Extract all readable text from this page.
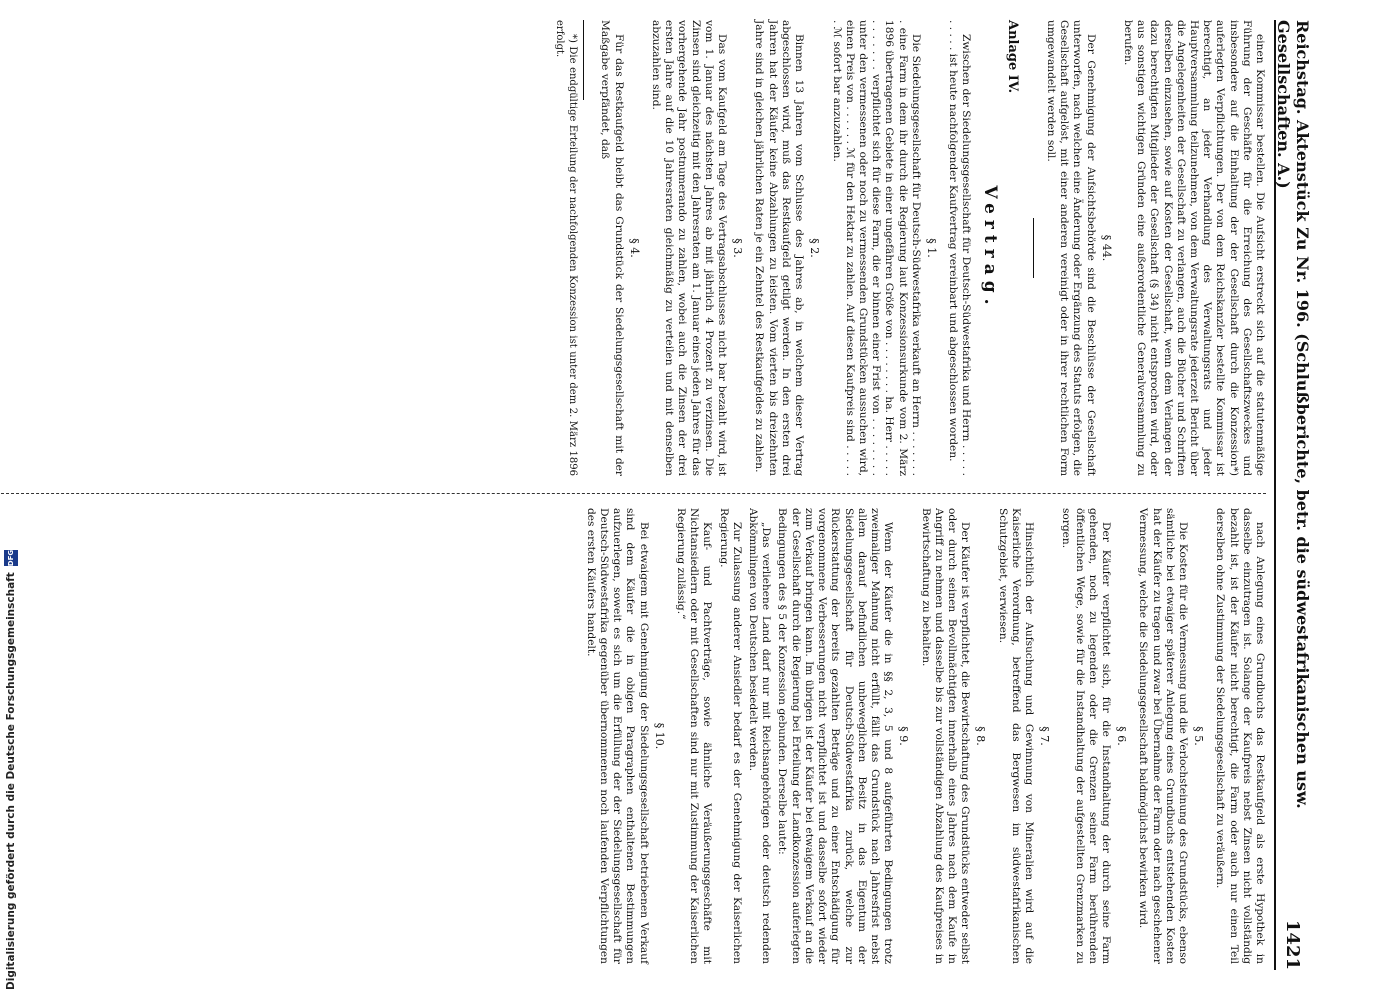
Reichstag. Aktenstück Zu Nr. 196. (Schlußberichte, betr. die südwestafrikanischen usw. Gesellschaften. A.)
1421

einen Kommissar bestellen. Die Aufsicht erstreckt sich auf die statutenmäßige Führung der Geschäfte für die Erreichung des Gesellschaftszweckes und insbesondere auf die Einhaltung der der Gesellschaft durch die Konzession*) auferlegten Verpflichtungen. Der von dem Reichskanzler bestellte Kommissar ist berechtigt, an jeder Verhandlung des Verwaltungsrats und jeder Hauptversammlung teilzunehmen, von dem Verwaltungsrate jederzeit Bericht über die Angelegenheiten der Gesellschaft zu verlangen, auch die Bücher und Schriften derselben einzusehen, sowie auf Kosten der Gesellschaft, wenn dem Verlangen der dazu berechtigten Mitglieder der Gesellschaft (§ 34) nicht entsprochen wird, oder aus sonstigen wichtigen Gründen eine außerordentliche Generalversammlung zu berufen.

§ 44.

Der Genehmigung der Aufsichtsbehörde sind die Beschlüsse der Gesellschaft unterworfen, nach welchen eine Änderung oder Ergänzung des Statuts erfolgen, die Gesellschaft aufgelöst, mit einer anderen vereinigt oder in ihrer rechtlichen Form umgewandelt werden soll.

Anlage IV.
Vertrag.

Zwischen der Siedelungsgesellschaft für Deutsch-Südwestafrika und Herrn . . . . . . . . . . ist heute nachfolgender Kaufvertrag vereinbart und abgeschlossen worden.

§ 1.

Die Siedelungsgesellschaft für Deutsch-Südwestafrika verkauft an Herrn . . . . . . . . eine Farm in dem ihr durch die Regierung laut Konzessionsurkunde vom 2. März 1896 übertragenen Gebiete in einer ungefähren Größe von . . . . . . . . ha. Herr . . . . . . . . . . . . verpflichtet sich für diese Farm, die er binnen einer Frist von . . . . . . . . unter den vermessenen oder noch zu vermessenden Grundstücken aussuchen wird, einen Preis von . . . . . . ℳ für den Hektar zu zahlen. Auf diesen Kaufpreis sind . . . . . . ℳ sofort bar anzuzahlen.

§ 2.

Binnen 13 Jahren vom Schlusse des Jahres ab, in welchem dieser Vertrag abgeschlossen wird, muß das Restkaufgeld getilgt werden. In den ersten drei Jahren hat der Käufer keine Abzahlungen zu leisten. Vom vierten bis dreizehnten Jahre sind in gleichen jährlichen Raten je ein Zehntel des Restkaufgeldes zu zahlen.

§ 3.

Das vom Kaufgeld am Tage des Vertragsabschlusses nicht bar bezahlt wird, ist vom 1. Januar des nächsten Jahres ab mit jährlich 4 Prozent zu verzinsen. Die Zinsen sind gleichzeitig mit den Jahresraten am 1. Januar eines jeden Jahres für das vorhergehende Jahr postnumerando zu zahlen, wobei auch die Zinsen der drei ersten Jahre auf die 10 Jahresraten gleichmäßig zu verteilen und mit denselben abzuzahlen sind.

§ 4.

Für das Restkaufgeld bleibt das Grundstück der Siedelungsgesellschaft mit der Maßgabe verpfändet, daß

*) Die endgültige Erteilung der nachfolgenden Konzession ist unter dem 2. März 1896 erfolgt.

nach Anlegung eines Grundbuchs das Restkaufgeld als erste Hypothek in dasselbe einzutragen ist. Solange der Kaufpreis nebst Zinsen nicht vollständig bezahlt ist, ist der Käufer nicht berechtigt, die Farm oder auch nur einen Teil derselben ohne Zustimmung der Siedelungsgesellschaft zu veräußern.

§ 5.

Die Kosten für die Vermessung und die Verlochsteinung des Grundstücks, ebenso sämtliche bei etwaiger späterer Anlegung eines Grundbuchs entstehenden Kosten hat der Käufer zu tragen und zwar bei Übernahme der Farm oder nach geschehener Vermessung, welche die Siedelungsgesellschaft baldmöglichst bewirken wird.

§ 6.

Der Käufer verpflichtet sich, für die Instandhaltung der durch seine Farm gehenden, noch zu legenden oder die Grenzen seiner Farm berührenden öffentlichen Wege, sowie für die Instandhaltung der aufgestellten Grenzmarken zu sorgen.

§ 7.

Hinsichtlich der Aufsuchung und Gewinnung von Mineralien wird auf die Kaiserliche Verordnung, betreffend das Bergwesen im südwestafrikanischen Schutzgebiet, verwiesen.

§ 8.

Der Käufer ist verpflichtet, die Bewirtschaftung des Grundstücks entweder selbst oder durch seinen Bevollmächtigten innerhalb eines Jahres nach dem Kaufe in Angriff zu nehmen und dasselbe bis zur vollständigen Abzahlung des Kaufpreises in Bewirtschaftung zu behalten.

§ 9.

Wenn der Käufer die in §§ 2, 3, 5 und 8 aufgeführten Bedingungen trotz zweimaliger Mahnung nicht erfüllt, fällt das Grundstück nach Jahresfrist nebst allem darauf befindlichen unbeweglichen Besitz in das Eigentum der Siedelungsgesellschaft für Deutsch-Südwestafrika zurück, welche zur Rückerstattung der bereits gezahlten Beträge und zu einer Entschädigung für vorgenommene Verbesserungen nicht verpflichtet ist und dasselbe sofort wieder zum Verkauf bringen kann. Im übrigen ist der Käufer bei etwaigem Verkauf an die der Gesellschaft durch die Regierung bei Erteilung der Landkonzession auferlegten Bedingungen des § 5 der Konzession gebunden. Derselbe lautet:

„Das verliehene Land darf nur mit Reichsangehörigen oder deutsch redenden Abkömmlingen von Deutschen besiedelt werden.

Zur Zulassung anderer Ansiedler bedarf es der Genehmigung der Kaiserlichen Regierung.

Kauf- und Pachtverträge, sowie ähnliche Veräußerungsgeschäfte mit Nichtansiedlern oder mit Gesellschaften sind nur mit Zustimmung der Kaiserlichen Regierung zulässig.“

§ 10.

Bei etwaigem mit Genehmigung der Siedelungsgesellschaft betriebenen Verkauf sind dem Käufer die in obigen Paragraphen enthaltenen Bestimmungen aufzuerlegen, soweit es sich um die Erfüllung der der Siedelungsgesellschaft für Deutsch-Südwestafrika gegenüber übernommenen noch laufenden Verpflichtungen des ersten Käufers handelt.

Digitalisierung gefördert durch die Deutsche Forschungsgemeinschaft
DFG
